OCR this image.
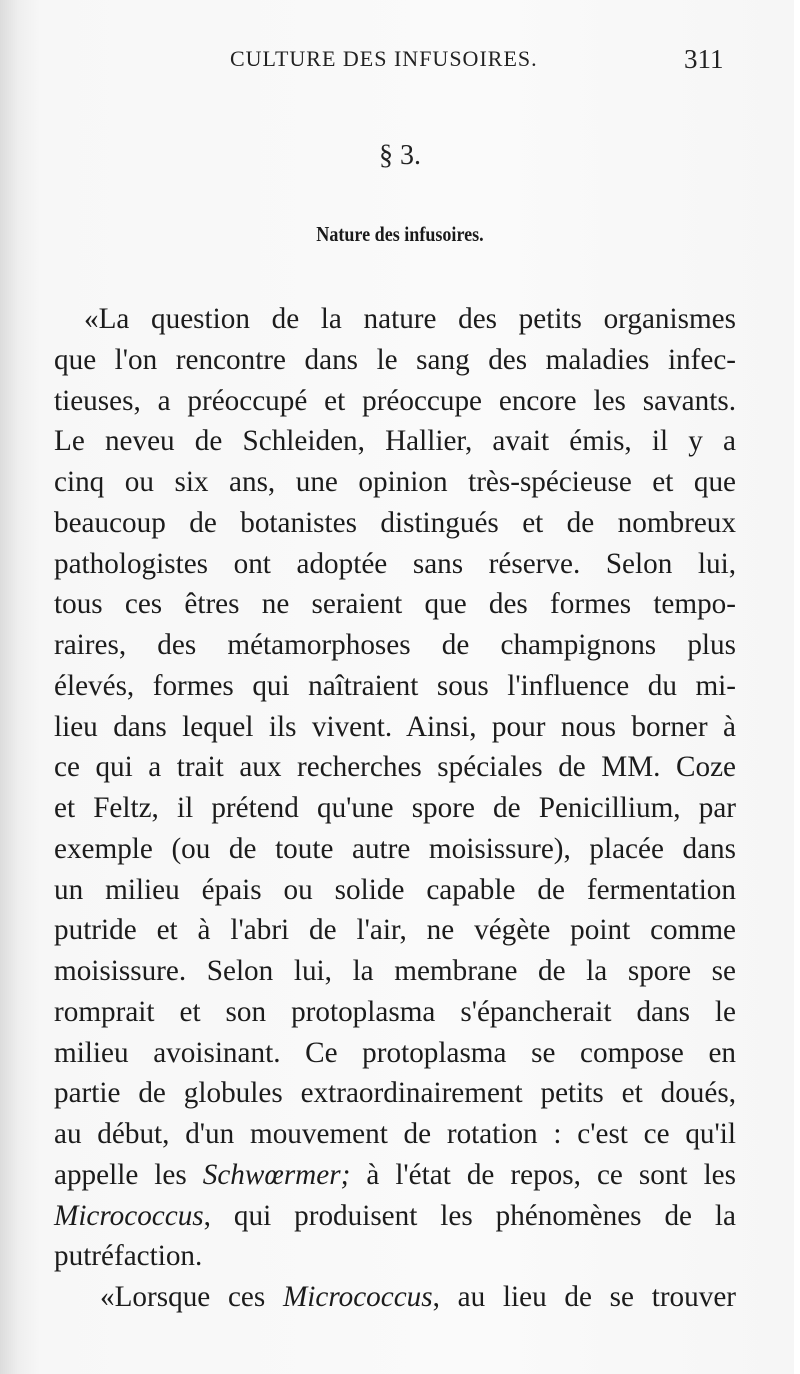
CULTURE DES INFUSOIRES.	311
§ 3.
Nature des infusoires.
«La question de la nature des petits organismes
que l'on rencontre dans le sang des maladies infec-
tieuses, a préoccupé et préoccupe encore les savants.
Le neveu de Schleiden, Hallier, avait émis, il y a
cinq ou six ans, une opinion très-spécieuse et que
beaucoup de botanistes distingués et de nombreux
pathologistes ont adoptée sans réserve. Selon lui,
tous ces êtres ne seraient que des formes tempo-
raires, des métamorphoses de champignons plus
élevés, formes qui naîtraient sous l'influence du mi-
lieu dans lequel ils vivent. Ainsi, pour nous borner à
ce qui a trait aux recherches spéciales de MM. Coze
et Feltz, il prétend qu'une spore de Penicillium, par
exemple (ou de toute autre moisissure), placée dans
un milieu épais ou solide capable de fermentation
putride et à l'abri de l'air, ne végète point comme
moisissure. Selon lui, la membrane de la spore se
romprait et son protoplasma s'épancherait dans le
milieu avoisinant. Ce protoplasma se compose en
partie de globules extraordinairement petits et doués,
au début, d'un mouvement de rotation : c'est ce qu'il
appelle les Schwœrmer; à l'état de repos, ce sont les
Micrococcus, qui produisent les phénomènes de la
putréfaction.
«Lorsque ces Micrococcus, au lieu de se trouver
